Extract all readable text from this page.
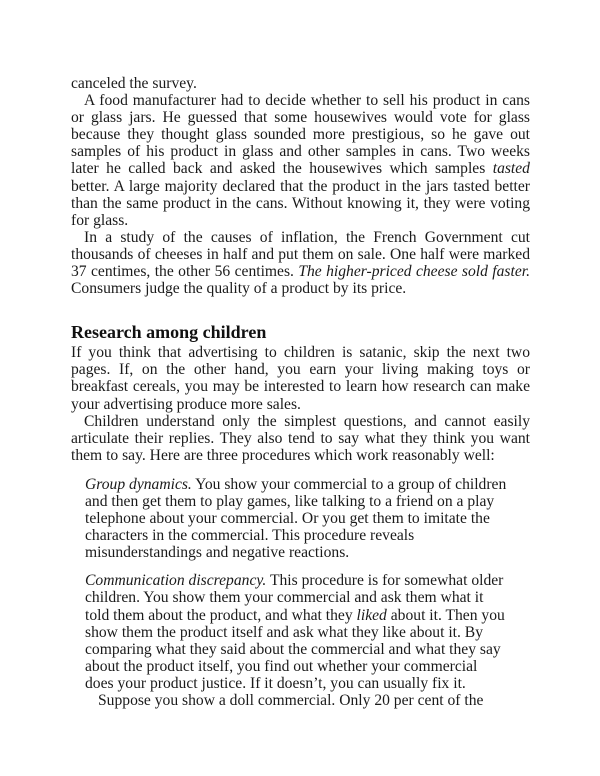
canceled the survey.

A food manufacturer had to decide whether to sell his product in cans or glass jars. He guessed that some housewives would vote for glass because they thought glass sounded more prestigious, so he gave out samples of his product in glass and other samples in cans. Two weeks later he called back and asked the housewives which samples tasted better. A large majority declared that the product in the jars tasted better than the same product in the cans. Without knowing it, they were voting for glass.

In a study of the causes of inflation, the French Government cut thousands of cheeses in half and put them on sale. One half were marked 37 centimes, the other 56 centimes. The higher-priced cheese sold faster. Consumers judge the quality of a product by its price.

Research among children

If you think that advertising to children is satanic, skip the next two pages. If, on the other hand, you earn your living making toys or breakfast cereals, you may be interested to learn how research can make your advertising produce more sales.

Children understand only the simplest questions, and cannot easily articulate their replies. They also tend to say what they think you want them to say. Here are three procedures which work reasonably well:

Group dynamics. You show your commercial to a group of children and then get them to play games, like talking to a friend on a play telephone about your commercial. Or you get them to imitate the characters in the commercial. This procedure reveals misunderstandings and negative reactions.

Communication discrepancy. This procedure is for somewhat older children. You show them your commercial and ask them what it told them about the product, and what they liked about it. Then you show them the product itself and ask what they like about it. By comparing what they said about the commercial and what they say about the product itself, you find out whether your commercial does your product justice. If it doesn’t, you can usually fix it.

Suppose you show a doll commercial. Only 20 per cent of the
